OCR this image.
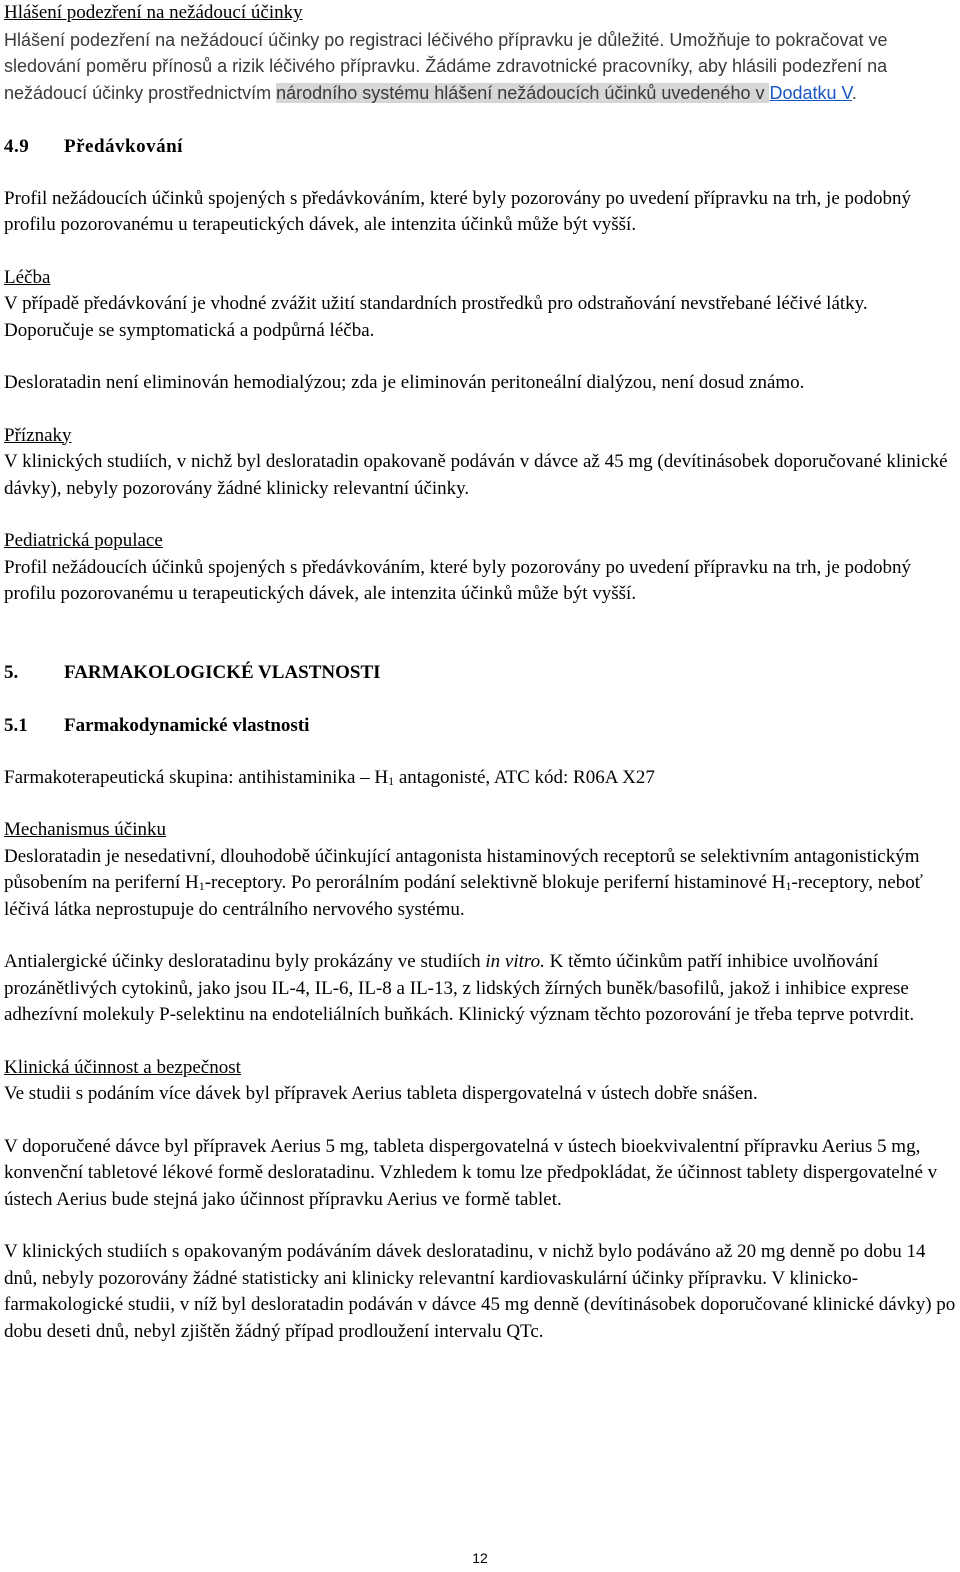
Hlášení podezření na nežádoucí účinky

Hlášení podezření na nežádoucí účinky po registraci léčivého přípravku je důležité. Umožňuje to pokračovat ve sledování poměru přínosů a rizik léčivého přípravku. Žádáme zdravotnické pracovníky, aby hlásili podezření na nežádoucí účinky prostřednictvím národního systému hlášení nežádoucích účinků uvedeného v Dodatku V.

4.9	Předávkování

Profil nežádoucích účinků spojených s předávkováním, které byly pozorovány po uvedení přípravku na trh, je podobný profilu pozorovanému u terapeutických dávek, ale intenzita účinků může být vyšší.

Léčba

V případě předávkování je vhodné zvážit užití standardních prostředků pro odstraňování nevstřebané léčivé látky. Doporučuje se symptomatická a podpůrná léčba.

Desloratadin není eliminován hemodialýzou; zda je eliminován peritoneální dialýzou, není dosud známo.

Příznaky

V klinických studiích, v nichž byl desloratadin opakovaně podáván v dávce až 45 mg (devítinásobek doporučované klinické dávky), nebyly pozorovány žádné klinicky relevantní účinky.

Pediatrická populace

Profil nežádoucích účinků spojených s předávkováním, které byly pozorovány po uvedení přípravku na trh, je podobný profilu pozorovanému u terapeutických dávek, ale intenzita účinků může být vyšší.

5.	FARMAKOLOGICKÉ VLASTNOSTI

5.1	Farmakodynamické vlastnosti

Farmakoterapeutická skupina: antihistaminika – $H_1$ antagonisté, ATC kód: R06A X27

Mechanismus účinku

Desloratadin je nesedativní, dlouhodobě účinkující antagonista histaminových receptorů se selektivním antagonistickým působením na periferní $H_1$-receptory. Po perorálním podání selektivně blokuje periferní histaminové $H_1$-receptory, neboť léčivá látka neprostupuje do centrálního nervového systému.

Antialergické účinky desloratadinu byly prokázány ve studiích in vitro. K těmto účinkům patří inhibice uvolňování prozánětlivých cytokinů, jako jsou IL-4, IL-6, IL-8 a IL-13, z lidských žírných buněk/basofilů, jakož i inhibice exprese adhezívní molekuly P-selektinu na endoteliálních buňkách. Klinický význam těchto pozorování je třeba teprve potvrdit.

Klinická účinnost a bezpečnost

Ve studii s podáním více dávek byl přípravek Aerius tableta dispergovatelná v ústech dobře snášen.

V doporučené dávce byl přípravek Aerius 5 mg, tableta dispergovatelná v ústech bioekvivalentní přípravku Aerius 5 mg, konvenční tabletové lékové formě desloratadinu. Vzhledem k tomu lze předpokládat, že účinnost tablety dispergovatelné v ústech Aerius bude stejná jako účinnost přípravku Aerius ve formě tablet.

V klinických studiích s opakovaným podáváním dávek desloratadinu, v nichž bylo podáváno až 20 mg denně po dobu 14 dnů, nebyly pozorovány žádné statisticky ani klinicky relevantní kardiovaskulární účinky přípravku. V klinicko-farmakologické studii, v níž byl desloratadin podáván v dávce 45 mg denně (devítinásobek doporučované klinické dávky) po dobu deseti dnů, nebyl zjištěn žádný případ prodloužení intervalu QTc.

12
